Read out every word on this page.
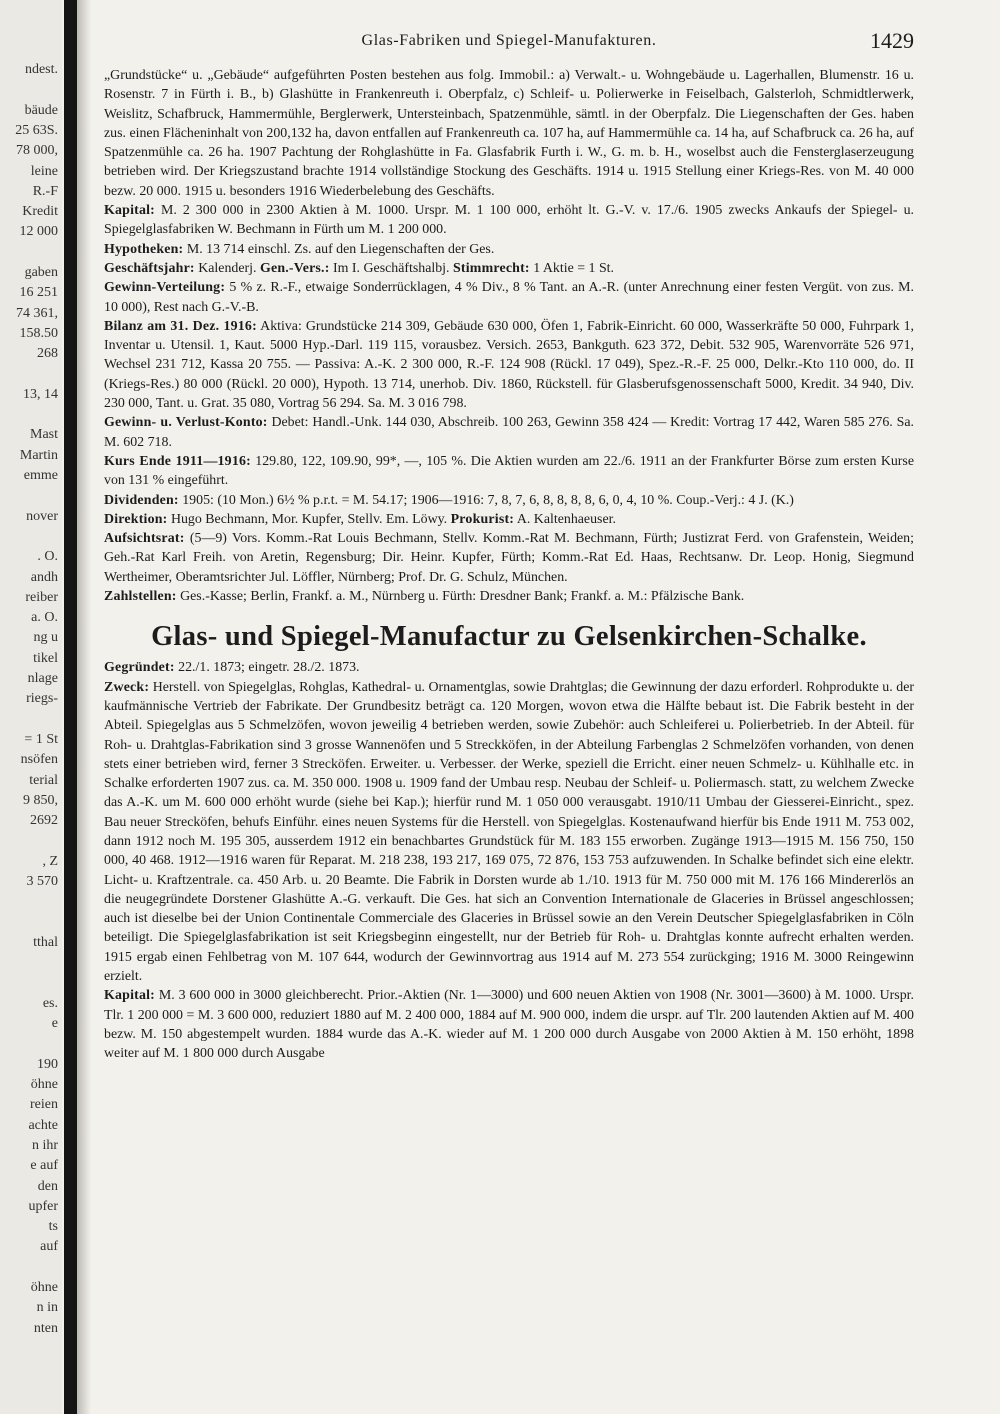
ndest.
bäude
25 63S.
78 000,
leine
R.-F
Kredit
12 000
gaben
16 251
74 361,
158.50
268
13, 14
Mast
Martin
emme
nover
. O.
andh
reiber
a. O.
ng u
tikel
nlage
riegs-
= 1 St
nsöfen
terial
9 850,
2692
, Z
3 570
tthal
es.
e
190
öhne
reien
achte
n ihr
e auf
den
upfer
ts
auf
öhne
n in
nten
Glas-Fabriken und Spiegel-Manufakturen.	1429

„Grundstücke“ u. „Gebäude“ aufgeführten Posten bestehen aus folg. Immobil.: a) Verwalt.- u. Wohngebäude u. Lagerhallen, Blumenstr. 16 u. Rosenstr. 7 in Fürth i. B., b) Glashütte in Frankenreuth i. Oberpfalz, c) Schleif- u. Polierwerke in Feiselbach, Galsterloh, Schmidtlerwerk, Weislitz, Schafbruck, Hammermühle, Berglerwerk, Untersteinbach, Spatzenmühle, sämtl. in der Oberpfalz. Die Liegenschaften der Ges. haben zus. einen Flächeninhalt von 200,132 ha, davon entfallen auf Frankenreuth ca. 107 ha, auf Hammermühle ca. 14 ha, auf Schafbruck ca. 26 ha, auf Spatzenmühle ca. 26 ha. 1907 Pachtung der Rohglashütte in Fa. Glasfabrik Furth i. W., G. m. b. H., woselbst auch die Fensterglaserzeugung betrieben wird. Der Kriegszustand brachte 1914 vollständige Stockung des Geschäfts. 1914 u. 1915 Stellung einer Kriegs-Res. von M. 40 000 bezw. 20 000. 1915 u. besonders 1916 Wiederbelebung des Geschäfts.

Kapital: M. 2 300 000 in 2300 Aktien à M. 1000. Urspr. M. 1 100 000, erhöht lt. G.-V. v. 17./6. 1905 zwecks Ankaufs der Spiegel- u. Spiegelglasfabriken W. Bechmann in Fürth um M. 1 200 000.

Hypotheken: M. 13 714 einschl. Zs. auf den Liegenschaften der Ges.

Geschäftsjahr: Kalenderj. Gen.-Vers.: Im I. Geschäftshalbj. Stimmrecht: 1 Aktie = 1 St.

Gewinn-Verteilung: 5 % z. R.-F., etwaige Sonderrücklagen, 4 % Div., 8 % Tant. an A.-R. (unter Anrechnung einer festen Vergüt. von zus. M. 10 000), Rest nach G.-V.-B.

Bilanz am 31. Dez. 1916: Aktiva: Grundstücke 214 309, Gebäude 630 000, Öfen 1, Fabrik-Einricht. 60 000, Wasserkräfte 50 000, Fuhrpark 1, Inventar u. Utensil. 1, Kaut. 5000 Hyp.-Darl. 119 115, vorausbez. Versich. 2653, Bankguth. 623 372, Debit. 532 905, Warenvorräte 526 971, Wechsel 231 712, Kassa 20 755. — Passiva: A.-K. 2 300 000, R.-F. 124 908 (Rückl. 17 049), Spez.-R.-F. 25 000, Delkr.-Kto 110 000, do. II (Kriegs-Res.) 80 000 (Rückl. 20 000), Hypoth. 13 714, unerhob. Div. 1860, Rückstell. für Glasberufsgenossenschaft 5000, Kredit. 34 940, Div. 230 000, Tant. u. Grat. 35 080, Vortrag 56 294. Sa. M. 3 016 798.

Gewinn- u. Verlust-Konto: Debet: Handl.-Unk. 144 030, Abschreib. 100 263, Gewinn 358 424 — Kredit: Vortrag 17 442, Waren 585 276. Sa. M. 602 718.

Kurs Ende 1911—1916: 129.80, 122, 109.90, 99*, —, 105 %. Die Aktien wurden am 22./6. 1911 an der Frankfurter Börse zum ersten Kurse von 131 % eingeführt.

Dividenden: 1905: (10 Mon.) 6½ % p.r.t. = M. 54.17; 1906—1916: 7, 8, 7, 6, 8, 8, 8, 8, 6, 0, 4, 10 %. Coup.-Verj.: 4 J. (K.)

Direktion: Hugo Bechmann, Mor. Kupfer, Stellv. Em. Löwy. Prokurist: A. Kaltenhaeuser.

Aufsichtsrat: (5—9) Vors. Komm.-Rat Louis Bechmann, Stellv. Komm.-Rat M. Bechmann, Fürth; Justizrat Ferd. von Grafenstein, Weiden; Geh.-Rat Karl Freih. von Aretin, Regensburg; Dir. Heinr. Kupfer, Fürth; Komm.-Rat Ed. Haas, Rechtsanw. Dr. Leop. Honig, Siegmund Wertheimer, Oberamtsrichter Jul. Löffler, Nürnberg; Prof. Dr. G. Schulz, München.

Zahlstellen: Ges.-Kasse; Berlin, Frankf. a. M., Nürnberg u. Fürth: Dresdner Bank; Frankf. a. M.: Pfälzische Bank.

Glas- und Spiegel-Manufactur zu Gelsenkirchen-Schalke.

Gegründet: 22./1. 1873; eingetr. 28./2. 1873.

Zweck: Herstell. von Spiegelglas, Rohglas, Kathedral- u. Ornamentglas, sowie Drahtglas; die Gewinnung der dazu erforderl. Rohprodukte u. der kaufmännische Vertrieb der Fabrikate. Der Grundbesitz beträgt ca. 120 Morgen, wovon etwa die Hälfte bebaut ist. Die Fabrik besteht in der Abteil. Spiegelglas aus 5 Schmelzöfen, wovon jeweilig 4 betrieben werden, sowie Zubehör: auch Schleiferei u. Polierbetrieb. In der Abteil. für Roh- u. Drahtglas-Fabrikation sind 3 grosse Wannenöfen und 5 Streckköfen, in der Abteilung Farbenglas 2 Schmelzöfen vorhanden, von denen stets einer betrieben wird, ferner 3 Strecköfen. Erweiter. u. Verbesser. der Werke, speziell die Erricht. einer neuen Schmelz- u. Kühlhalle etc. in Schalke erforderten 1907 zus. ca. M. 350 000. 1908 u. 1909 fand der Umbau resp. Neubau der Schleif- u. Poliermasch. statt, zu welchem Zwecke das A.-K. um M. 600 000 erhöht wurde (siehe bei Kap.); hierfür rund M. 1 050 000 verausgabt. 1910/11 Umbau der Giesserei-Einricht., spez. Bau neuer Strecköfen, behufs Einführ. eines neuen Systems für die Herstell. von Spiegelglas. Kostenaufwand hierfür bis Ende 1911 M. 753 002, dann 1912 noch M. 195 305, ausserdem 1912 ein benachbartes Grundstück für M. 183 155 erworben. Zugänge 1913—1915 M. 156 750, 150 000, 40 468. 1912—1916 waren für Reparat. M. 218 238, 193 217, 169 075, 72 876, 153 753 aufzuwenden. In Schalke befindet sich eine elektr. Licht- u. Kraftzentrale. ca. 450 Arb. u. 20 Beamte. Die Fabrik in Dorsten wurde ab 1./10. 1913 für M. 750 000 mit M. 176 166 Mindererlös an die neugegründete Dorstener Glashütte A.-G. verkauft. Die Ges. hat sich an Convention Internationale de Glaceries in Brüssel angeschlossen; auch ist dieselbe bei der Union Continentale Commerciale des Glaceries in Brüssel sowie an den Verein Deutscher Spiegelglasfabriken in Cöln beteiligt. Die Spiegelglasfabrikation ist seit Kriegsbeginn eingestellt, nur der Betrieb für Roh- u. Drahtglas konnte aufrecht erhalten werden. 1915 ergab einen Fehlbetrag von M. 107 644, wodurch der Gewinnvortrag aus 1914 auf M. 273 554 zurückging; 1916 M. 3000 Reingewinn erzielt.

Kapital: M. 3 600 000 in 3000 gleichberecht. Prior.-Aktien (Nr. 1—3000) und 600 neuen Aktien von 1908 (Nr. 3001—3600) à M. 1000. Urspr. Tlr. 1 200 000 = M. 3 600 000, reduziert 1880 auf M. 2 400 000, 1884 auf M. 900 000, indem die urspr. auf Tlr. 200 lautenden Aktien auf M. 400 bezw. M. 150 abgestempelt wurden. 1884 wurde das A.-K. wieder auf M. 1 200 000 durch Ausgabe von 2000 Aktien à M. 150 erhöht, 1898 weiter auf M. 1 800 000 durch Ausgabe
